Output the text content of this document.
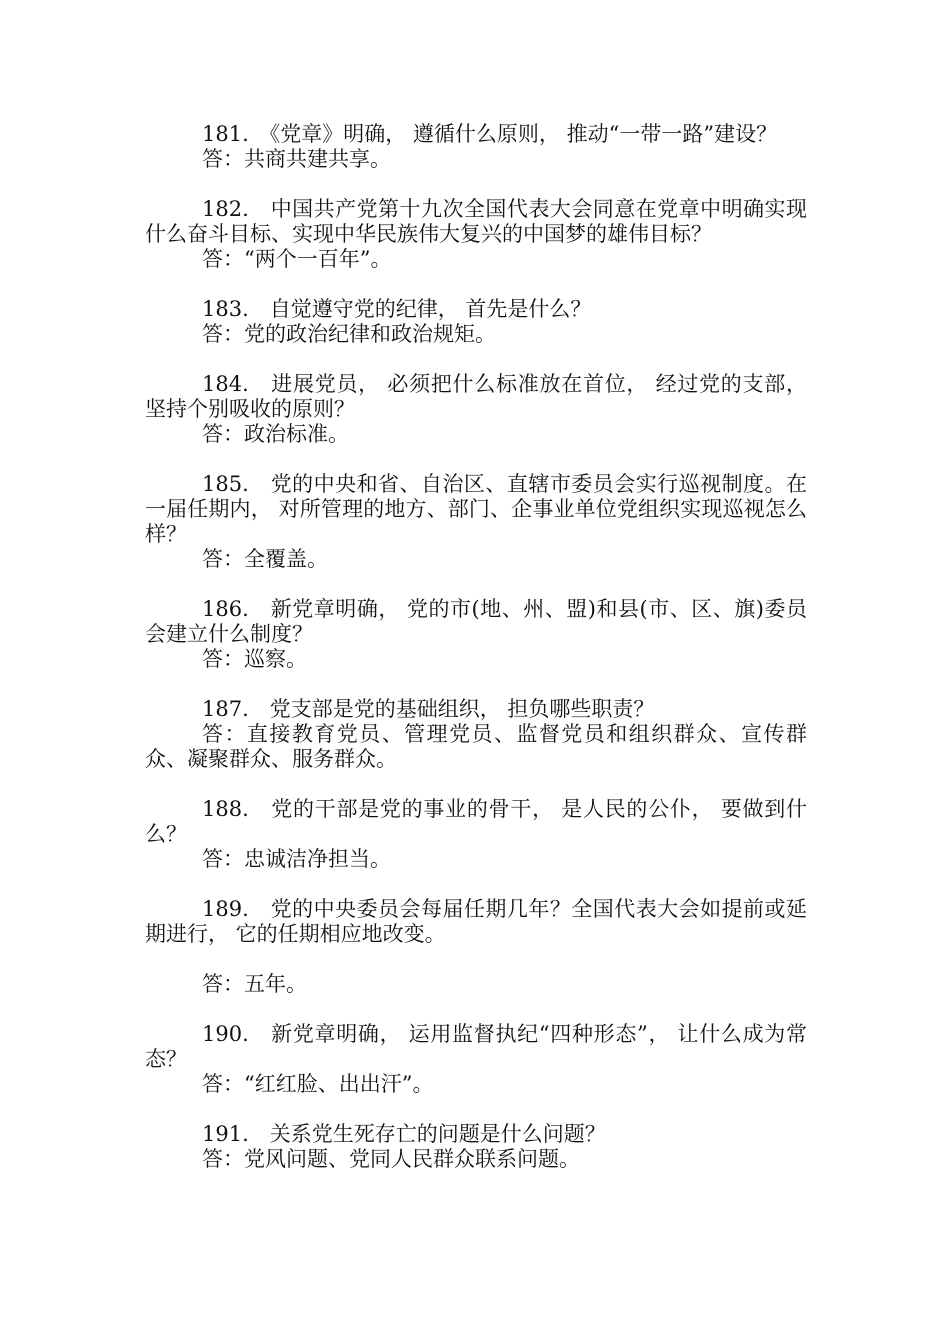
181.　《党章》明确， 遵循什么原则， 推动“一带一路”建设？

答：共商共建共享。

182.　中国共产党第十九次全国代表大会同意在党章中明确实现什么奋斗目标、实现中华民族伟大复兴的中国梦的雄伟目标？

答：“两个一百年”。

183.　自觉遵守党的纪律， 首先是什么？

答：党的政治纪律和政治规矩。

184.　进展党员， 必须把什么标准放在首位， 经过党的支部， 坚持个别吸收的原则？

答：政治标准。

185.　党的中央和省、自治区、直辖市委员会实行巡视制度。在一届任期内， 对所管理的地方、部门、企事业单位党组织实现巡视怎么样？

答：全覆盖。

186.　新党章明确， 党的市(地、州、盟)和县(市、区、旗)委员会建立什么制度？

答：巡察。

187.　党支部是党的基础组织， 担负哪些职责？

答：直接教育党员、管理党员、监督党员和组织群众、宣传群众、凝聚群众、服务群众。

188.　党的干部是党的事业的骨干， 是人民的公仆， 要做到什么？

答：忠诚洁净担当。

189.　党的中央委员会每届任期几年？全国代表大会如提前或延期进行， 它的任期相应地改变。

答：五年。

190.　新党章明确， 运用监督执纪“四种形态”， 让什么成为常态？

答：“红红脸、出出汗”。

191.　关系党生死存亡的问题是什么问题？

答：党风问题、党同人民群众联系问题。
